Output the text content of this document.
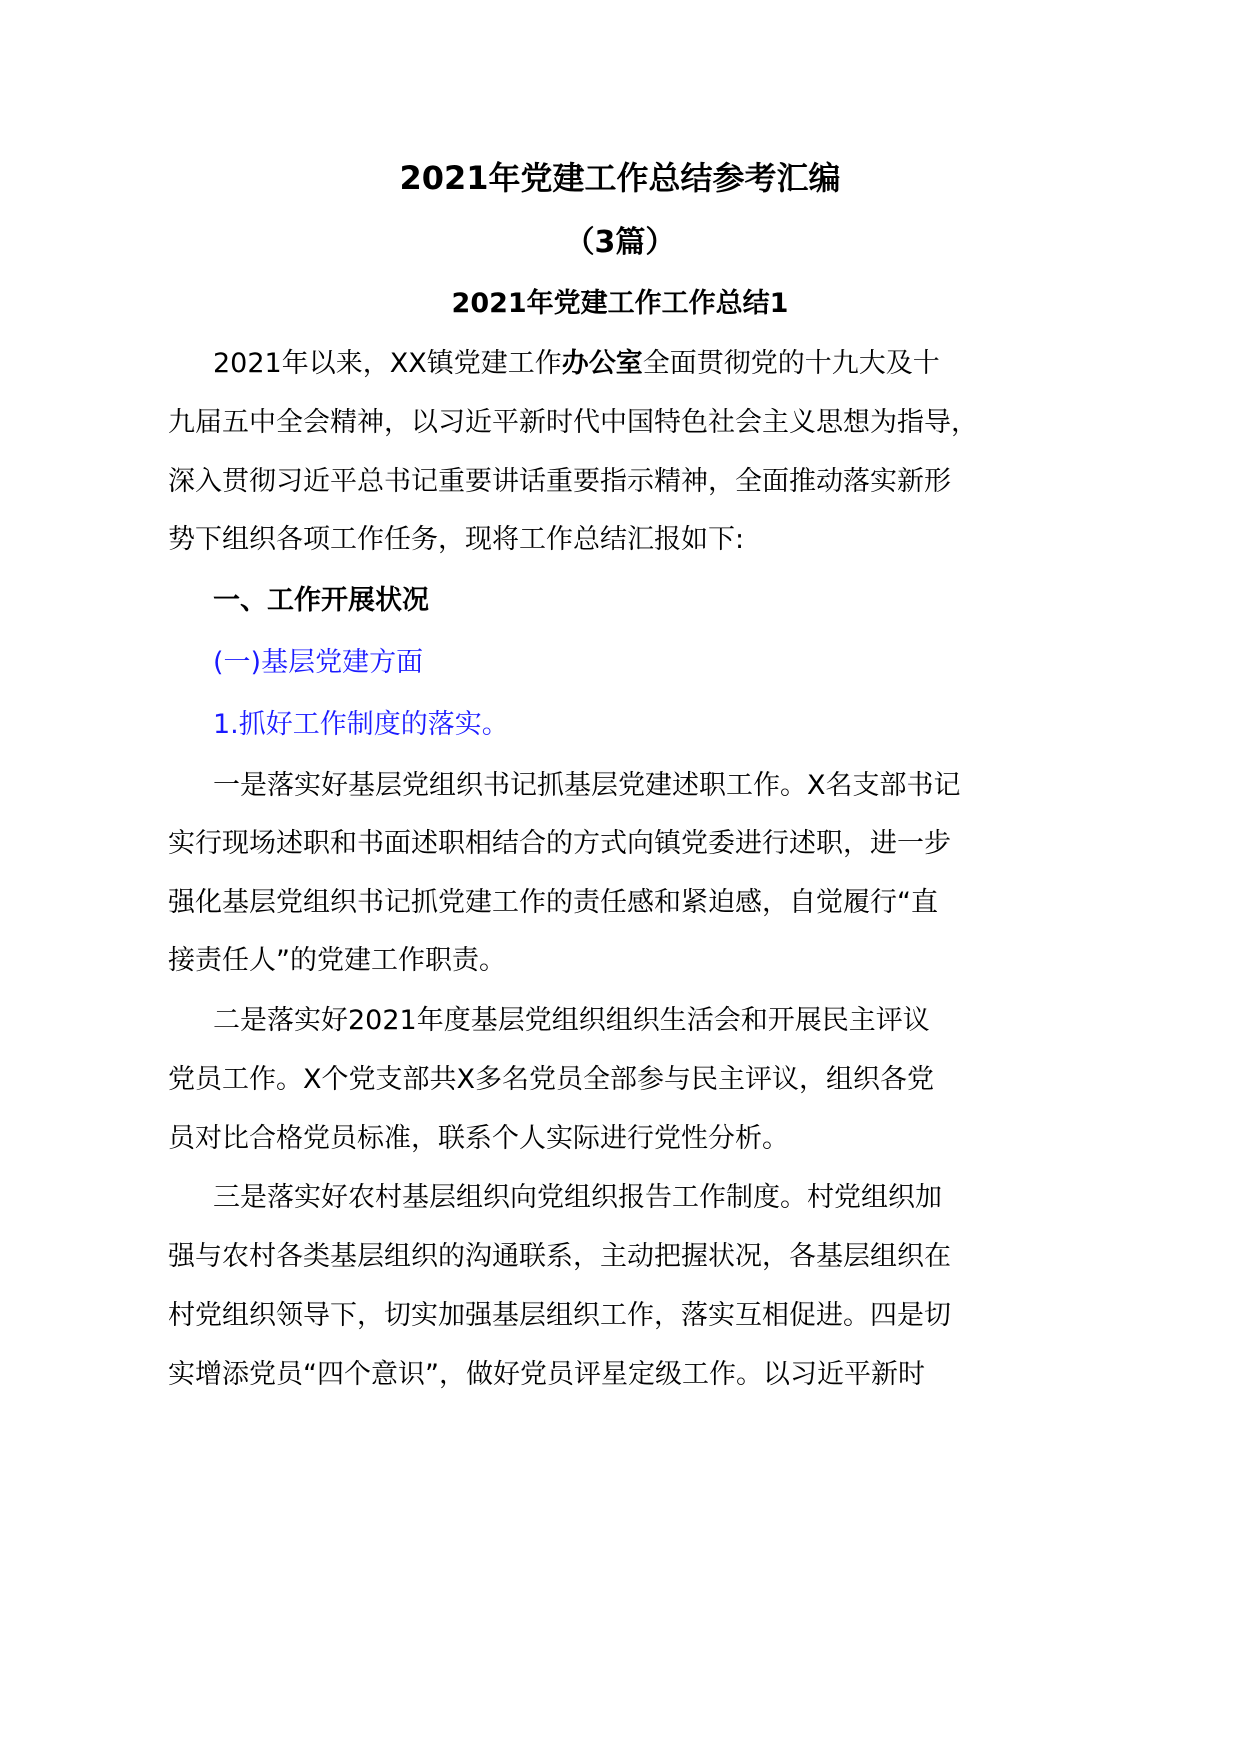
2021年党建工作总结参考汇编
（3篇）
2021年党建工作工作总结1
2021年以来，XX镇党建工作办公室全面贯彻党的十九大及十
九届五中全会精神，以习近平新时代中国特色社会主义思想为指导，
深入贯彻习近平总书记重要讲话重要指示精神，全面推动落实新形
势下组织各项工作任务，现将工作总结汇报如下:
一、工作开展状况
(一)基层党建方面
1.抓好工作制度的落实。
一是落实好基层党组织书记抓基层党建述职工作。X名支部书记
实行现场述职和书面述职相结合的方式向镇党委进行述职，进一步
强化基层党组织书记抓党建工作的责任感和紧迫感，自觉履行“直
接责任人”的党建工作职责。
二是落实好2021年度基层党组织组织生活会和开展民主评议
党员工作。X个党支部共X多名党员全部参与民主评议，组织各党
员对比合格党员标准，联系个人实际进行党性分析。
三是落实好农村基层组织向党组织报告工作制度。村党组织加
强与农村各类基层组织的沟通联系，主动把握状况，各基层组织在
村党组织领导下，切实加强基层组织工作，落实互相促进。四是切
实增添党员“四个意识”，做好党员评星定级工作。以习近平新时
